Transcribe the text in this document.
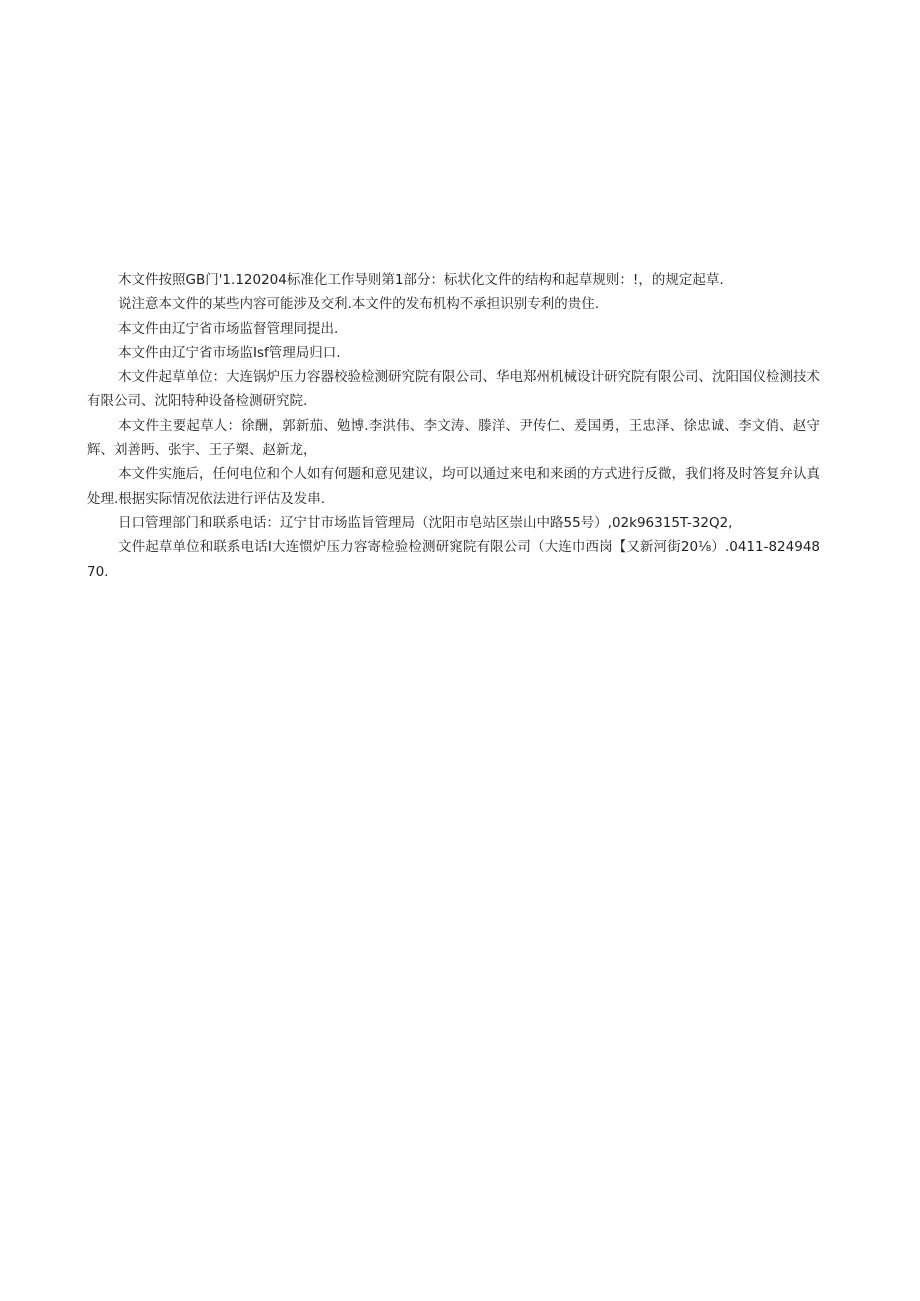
木文件按照GB门'1.120204标准化工作导则第1部分：标状化文件的结构和起草规则：!，的规定起草.

说注意本文件的某些内容可能涉及交利.本文件的发布机构不承担识别专利的贵住.

本文件由辽宁省市场监督管理同提出.

本文件由辽宁省市场监Isf管理局归口.

木文件起草单位：大连锅炉压力容器校验检测研究院有限公司、华电郑州机械设计研究院有限公司、沈阳国仪检测技术有限公司、沈阳特种设备检测研究院.

本文件主要起草人：徐酬，郭新茄、勉博.李洪伟、李文涛、滕洋、尹传仁、爰国勇，王忠泽、徐忠诚、李文俏、赵守辉、刘善眄、张宇、王子槊、赵新龙，

本文件实施后，任何电位和个人如有何题和意见建议，均可以通过来电和来函的方式进行反微，我们将及时答复弁认真处理.根据实际情况依法进行评估及发串.

日口管理部门和联系电话：辽宁甘市场监旨管理局（沈阳市皂站区崇山中路55号）,02k96315T-32Q2,

文件起草单位和联系电话I大连惯炉压力容寄检验检测研窕院有限公司（大连巾西岗【又新河街20⅛）.0411-82494870.
